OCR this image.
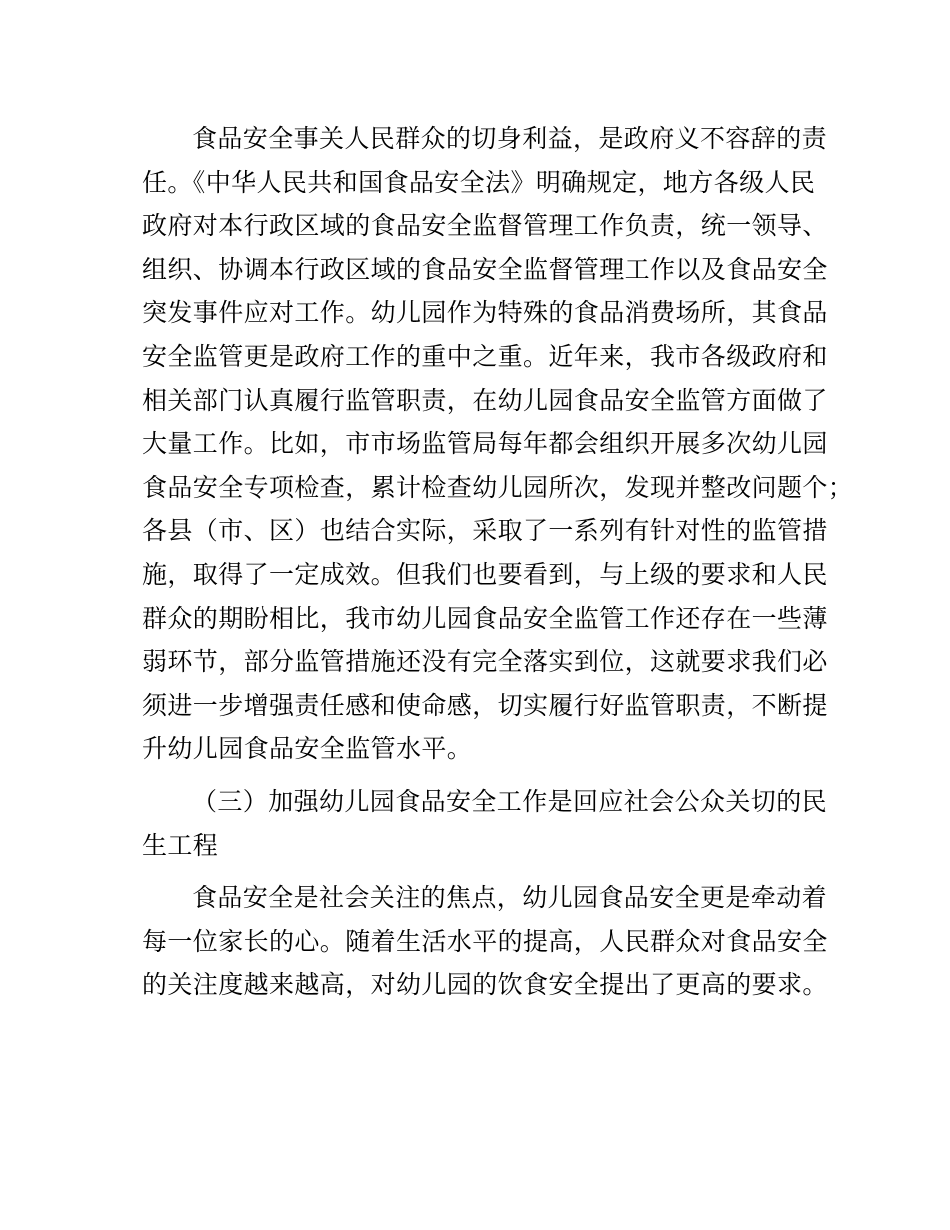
食品安全事关人民群众的切身利益，是政府义不容辞的责
任。《中华人民共和国食品安全法》明确规定，地方各级人民
政府对本行政区域的食品安全监督管理工作负责，统一领导、
组织、协调本行政区域的食品安全监督管理工作以及食品安全
突发事件应对工作。幼儿园作为特殊的食品消费场所，其食品
安全监管更是政府工作的重中之重。近年来，我市各级政府和
相关部门认真履行监管职责，在幼儿园食品安全监管方面做了
大量工作。比如，市市场监管局每年都会组织开展多次幼儿园
食品安全专项检查，累计检查幼儿园所次，发现并整改问题个；
各县（市、区）也结合实际，采取了一系列有针对性的监管措
施，取得了一定成效。但我们也要看到，与上级的要求和人民
群众的期盼相比，我市幼儿园食品安全监管工作还存在一些薄
弱环节，部分监管措施还没有完全落实到位，这就要求我们必
须进一步增强责任感和使命感，切实履行好监管职责，不断提
升幼儿园食品安全监管水平。
（三）加强幼儿园食品安全工作是回应社会公众关切的民
生工程
食品安全是社会关注的焦点，幼儿园食品安全更是牵动着
每一位家长的心。随着生活水平的提高，人民群众对食品安全
的关注度越来越高，对幼儿园的饮食安全提出了更高的要求。
